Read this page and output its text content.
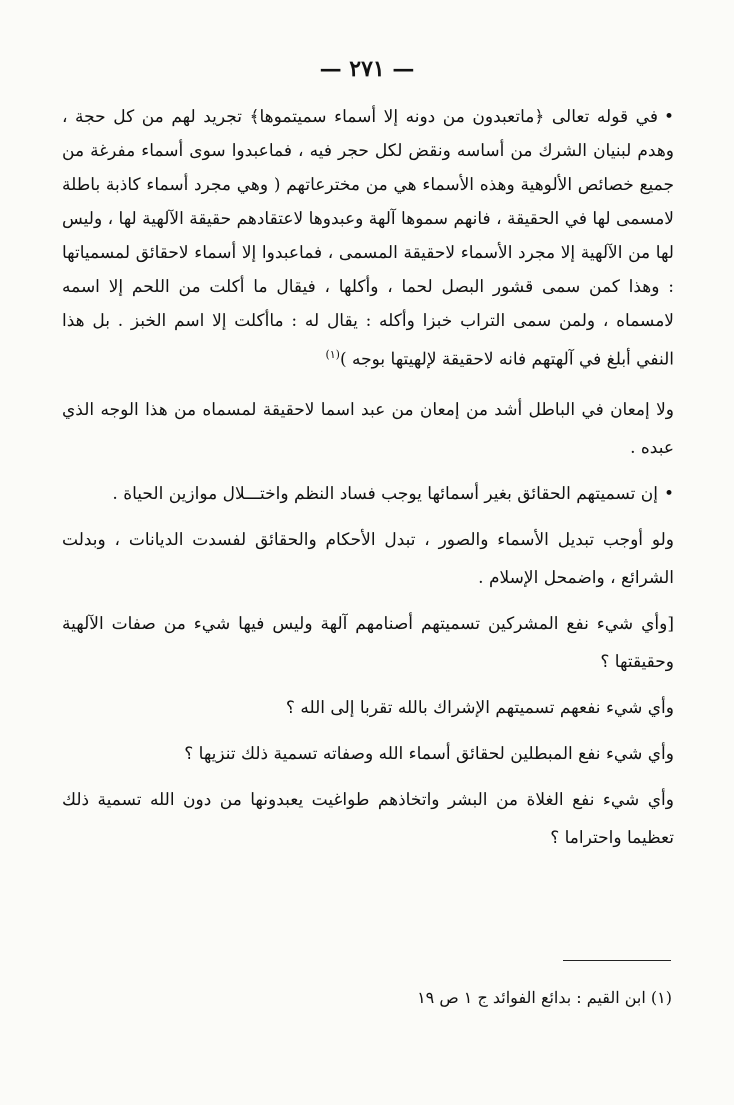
— ٢٧١ —

•في قوله تعالى ﴿ماتعبدون من دونه إلا أسماء سميتموها﴾ تجريد لهم من كل حجة ، وهدم لبنيان الشرك من أساسه ونقض لكل حجر فيه ، فماعبدوا سوى أسماء مفرغة من جميع خصائص الألوهية وهذه الأسماء هي من مخترعاتهم ( وهي مجرد أسماء كاذبة باطلة لامسمى لها في الحقيقة ، فانهم سموها آلهة وعبدوها لاعتقادهم حقيقة الآلهية لها ، وليس لها من الآلهية إلا مجرد الأسماء لاحقيقة المسمى ، فماعبدوا إلا أسماء لاحقائق لمسمياتها : وهذا كمن سمى قشور البصل لحما ، وأكلها ، فيقال ما أكلت من اللحم إلا اسمه لامسماه ، ولمن سمى التراب خبزا وأكله : يقال له : ماأكلت إلا اسم الخبز . بل هذا النفي أبلغ في آلهتهم فانه لاحقيقة لإلهيتها بوجه )$^{(١)}$

ولا إمعان في الباطل أشد من إمعان من عبد اسما لاحقيقة لمسماه من هذا الوجه الذي عبده .

•إن تسميتهم الحقائق بغير أسمائها يوجب فساد النظم واختـــلال موازين الحياة .

ولو أوجب تبديل الأسماء والصور ، تبدل الأحكام والحقائق لفسدت الديانات ، وبدلت الشرائع ، واضمحل الإسلام .

[وأي شيء نفع المشركين تسميتهم أصنامهم آلهة وليس فيها شيء من صفات الآلهية وحقيقتها ؟

وأي شيء نفعهم تسميتهم الإشراك بالله تقربا إلى الله ؟

وأي شيء نفع المبطلين لحقائق أسماء الله وصفاته تسمية ذلك تنزيها ؟

وأي شيء نفع الغلاة من البشر واتخاذهم طواغيت يعبدونها من دون الله تسمية ذلك تعظيما واحتراما ؟

(١) ابن القيم : بدائع الفوائد ج ١ ص ١٩
